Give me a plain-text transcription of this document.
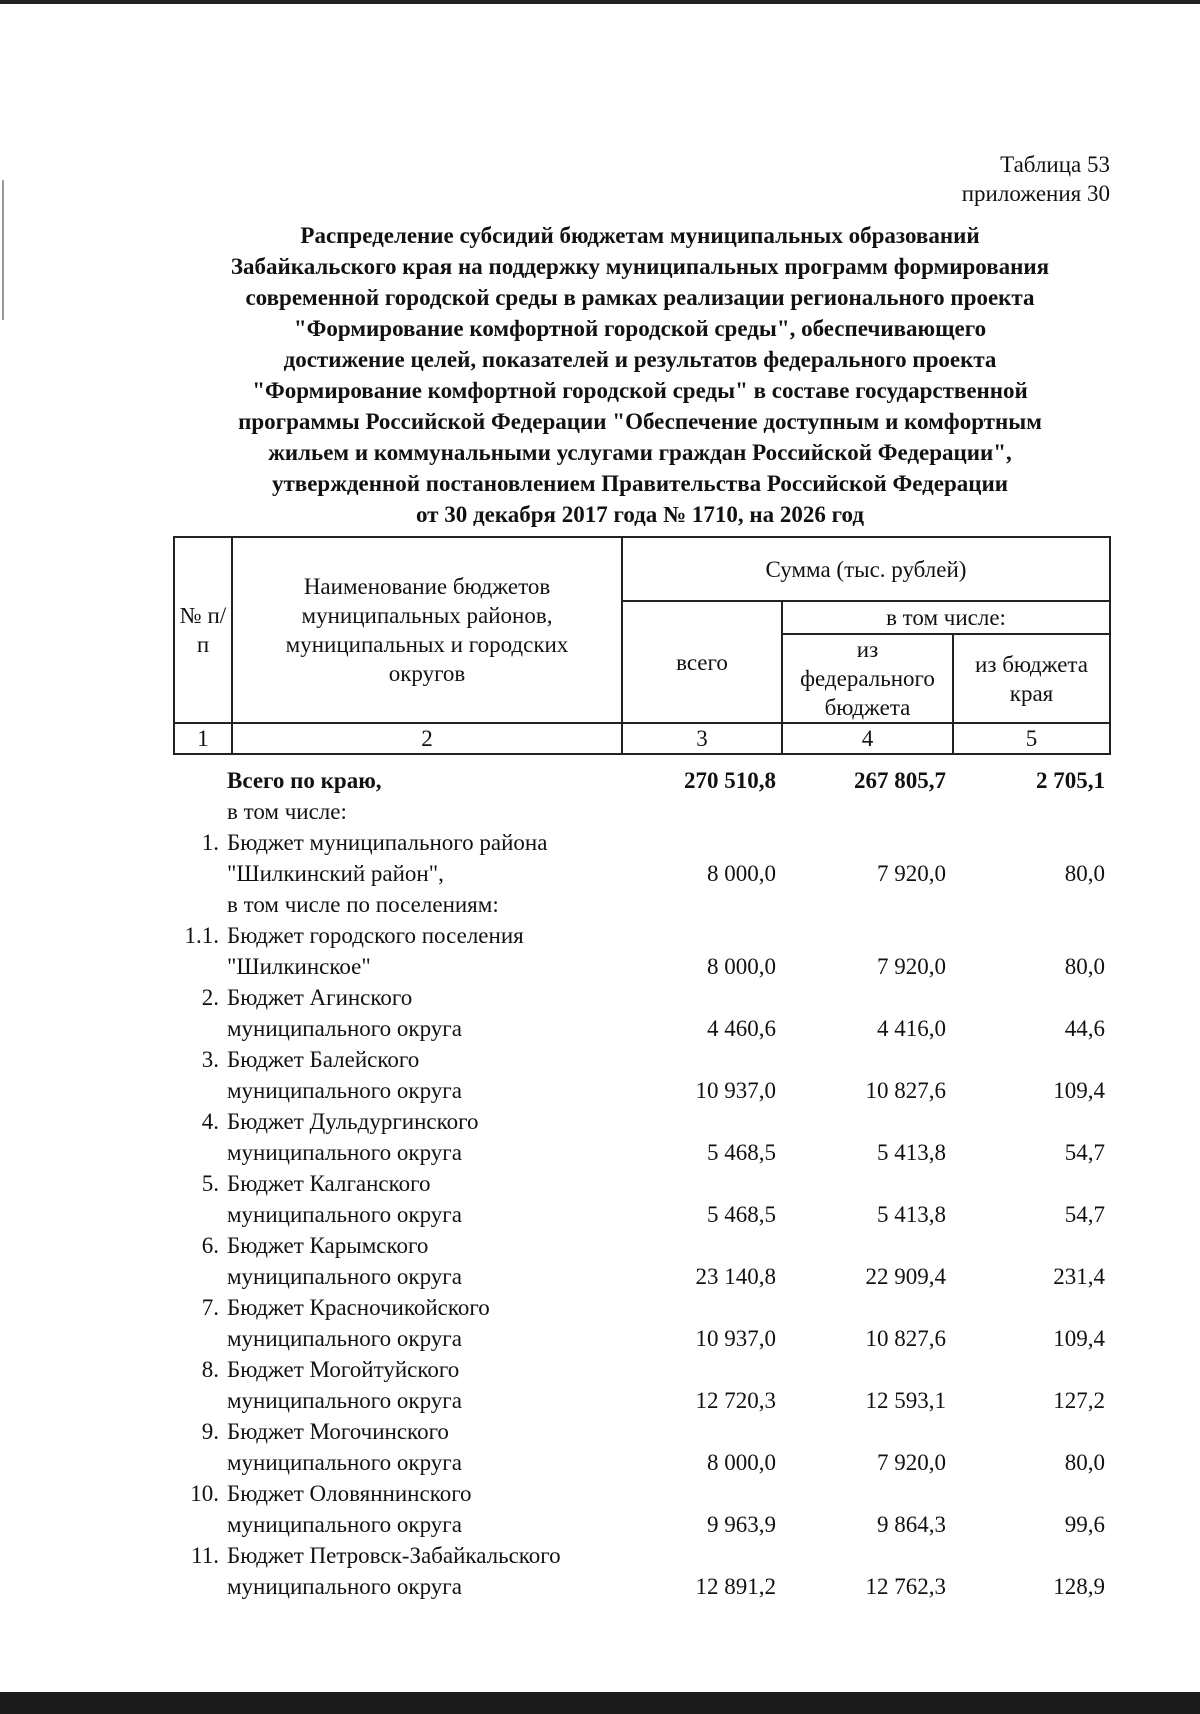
Таблица 53
приложения 30
Распределение субсидий бюджетам муниципальных образований
Забайкальского края на поддержку муниципальных программ формирования
современной городской среды в рамках реализации регионального проекта
"Формирование комфортной городской среды", обеспечивающего
достижение целей, показателей и результатов федерального проекта
"Формирование комфортной городской среды" в составе государственной
программы Российской Федерации "Обеспечение доступным и комфортным
жильем и коммунальными услугами граждан Российской Федерации",
утвержденной постановлением Правительства Российской Федерации
от 30 декабря 2017 года № 1710, на 2026 год
№ п/п	Наименование бюджетов муниципальных районов, муниципальных и городских округов	Сумма (тыс. рублей)		
		всего	в том числе:	
			из федерального бюджета	из бюджета края
1	2	3	4	5
Всего по краю,	270 510,8	267 805,7	2 705,1
в том числе:
1. Бюджет муниципального района
"Шилкинский район",	8 000,0	7 920,0	80,0
в том числе по поселениям:
1.1. Бюджет городского поселения
"Шилкинское"	8 000,0	7 920,0	80,0
2. Бюджет Агинского
муниципального округа	4 460,6	4 416,0	44,6
3. Бюджет Балейского
муниципального округа	10 937,0	10 827,6	109,4
4. Бюджет Дульдургинского
муниципального округа	5 468,5	5 413,8	54,7
5. Бюджет Калганского
муниципального округа	5 468,5	5 413,8	54,7
6. Бюджет Карымского
муниципального округа	23 140,8	22 909,4	231,4
7. Бюджет Красночикойского
муниципального округа	10 937,0	10 827,6	109,4
8. Бюджет Могойтуйского
муниципального округа	12 720,3	12 593,1	127,2
9. Бюджет Могочинского
муниципального округа	8 000,0	7 920,0	80,0
10. Бюджет Оловяннинского
муниципального округа	9 963,9	9 864,3	99,6
11. Бюджет Петровск-Забайкальского
муниципального округа	12 891,2	12 762,3	128,9
